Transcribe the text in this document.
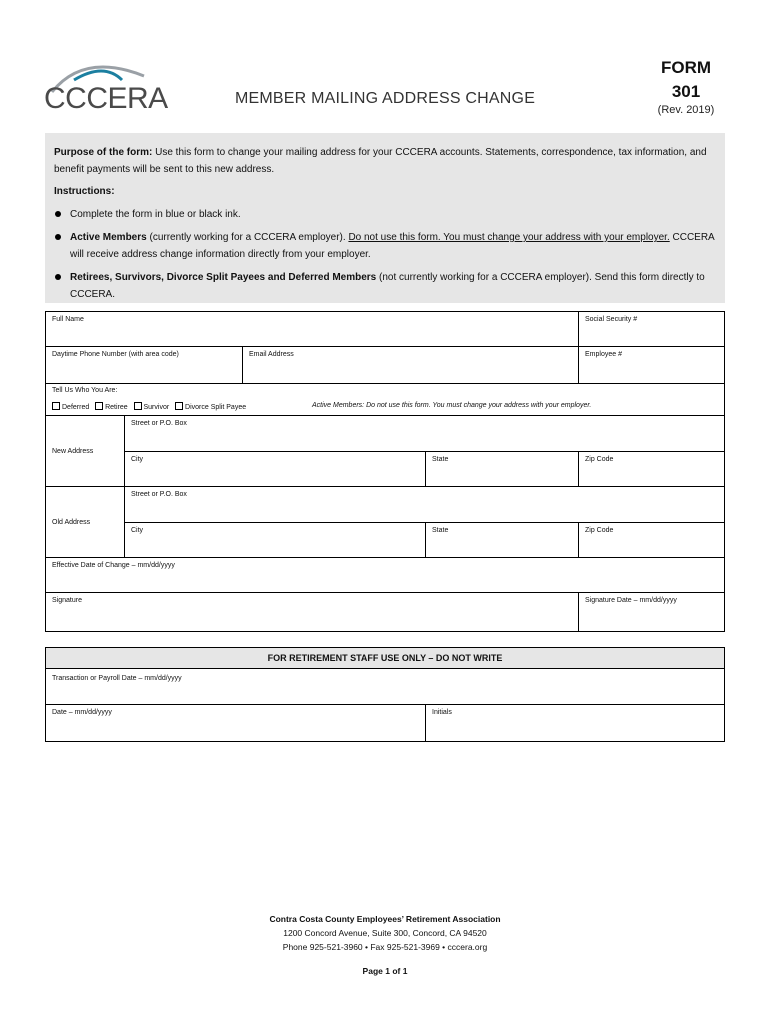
CCCERA	MEMBER MAILING ADDRESS CHANGE
FORM
301
(Rev. 2019)
Purpose of the form: Use this form to change your mailing address for your CCCERA accounts. Statements, correspondence, tax information, and benefit payments will be sent to this new address.
Instructions:
Complete the form in blue or black ink.
Active Members (currently working for a CCCERA employer). Do not use this form. You must change your address with your employer. CCCERA will receive address change information directly from your employer.
Retirees, Survivors, Divorce Split Payees and Deferred Members (not currently working for a CCCERA employer). Send this form directly to CCCERA.
Full Name	Social Security #
Daytime Phone Number (with area code)	Email Address	Employee #
Tell Us Who You Are:
Deferred Retiree Survivor Divorce Split Payee	Active Members: Do not use this form. You must change your address with your employer.
New Address
Street or P.O. Box
City	State	Zip Code
Old Address
Street or P.O. Box
City	State	Zip Code
Effective Date of Change – mm/dd/yyyy
Signature	Signature Date – mm/dd/yyyy
FOR RETIREMENT STAFF USE ONLY – DO NOT WRITE
Transaction or Payroll Date – mm/dd/yyyy
Date – mm/dd/yyyy	Initials
Contra Costa County Employees’ Retirement Association
1200 Concord Avenue, Suite 300, Concord, CA 94520
Phone 925-521-3960 • Fax 925-521-3969 • cccera.org
Page 1 of 1
